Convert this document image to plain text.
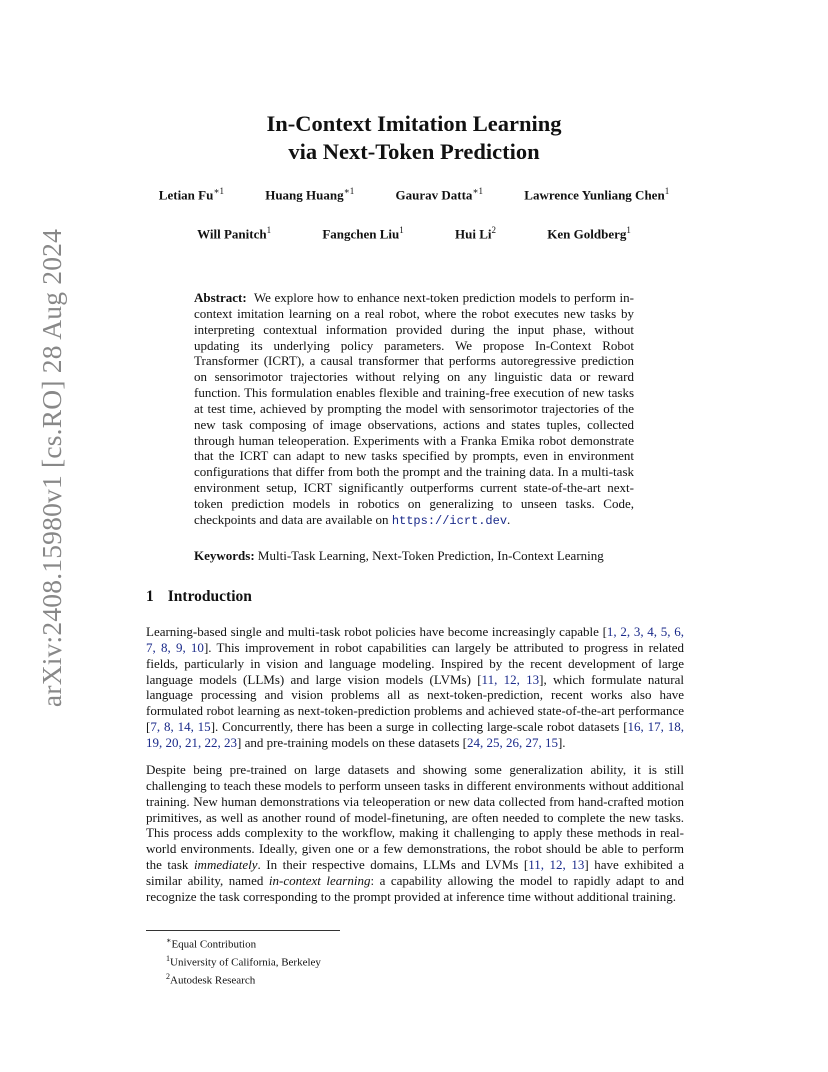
arXiv:2408.15980v1 [cs.RO] 28 Aug 2024
In-Context Imitation Learning
via Next-Token Prediction
Letian $Fu^{∗1}$	Huang Huang$^{∗1}$	Gaurav Datta$^{∗1}$	Lawrence Yunliang Chen$^1$
Will Panitch$^1$	Fangchen Liu$^1$	Hui Li$^2$	Ken Goldberg$^1$
Abstract: We explore how to enhance next-token prediction models to perform in-context imitation learning on a real robot, where the robot executes new tasks by interpreting contextual information provided during the input phase, without updating its underlying policy parameters. We propose In-Context Robot Transformer (ICRT), a causal transformer that performs autoregressive prediction on sensorimotor trajectories without relying on any linguistic data or reward function. This formulation enables flexible and training-free execution of new tasks at test time, achieved by prompting the model with sensorimotor trajectories of the new task composing of image observations, actions and states tuples, collected through human teleoperation. Experiments with a Franka Emika robot demonstrate that the ICRT can adapt to new tasks specified by prompts, even in environment configurations that differ from both the prompt and the training data. In a multi-task environment setup, ICRT significantly outperforms current state-of-the-art next-token prediction models in robotics on generalizing to unseen tasks. Code, checkpoints and data are available on https://icrt.dev.
Keywords: Multi-Task Learning, Next-Token Prediction, In-Context Learning
1 Introduction
Learning-based single and multi-task robot policies have become increasingly capable [1, 2, 3, 4, 5, 6, 7, 8, 9, 10]. This improvement in robot capabilities can largely be attributed to progress in related fields, particularly in vision and language modeling. Inspired by the recent development of large language models (LLMs) and large vision models (LVMs) [11, 12, 13], which formulate natural language processing and vision problems all as next-token-prediction, recent works also have formulated robot learning as next-token-prediction problems and achieved state-of-the-art performance [7, 8, 14, 15]. Concurrently, there has been a surge in collecting large-scale robot datasets [16, 17, 18, 19, 20, 21, 22, 23] and pre-training models on these datasets [24, 25, 26, 27, 15].
Despite being pre-trained on large datasets and showing some generalization ability, it is still challenging to teach these models to perform unseen tasks in different environments without additional training. New human demonstrations via teleoperation or new data collected from hand-crafted motion primitives, as well as another round of model-finetuning, are often needed to complete the new tasks. This process adds complexity to the workflow, making it challenging to apply these methods in real-world environments. Ideally, given one or a few demonstrations, the robot should be able to perform the task immediately. In their respective domains, LLMs and LVMs [11, 12, 13] have exhibited a similar ability, named in-context learning: a capability allowing the model to rapidly adapt to and recognize the task corresponding to the prompt provided at inference time without additional training.
∗Equal Contribution
$^1$University of California, Berkeley
$^2$Autodesk Research
